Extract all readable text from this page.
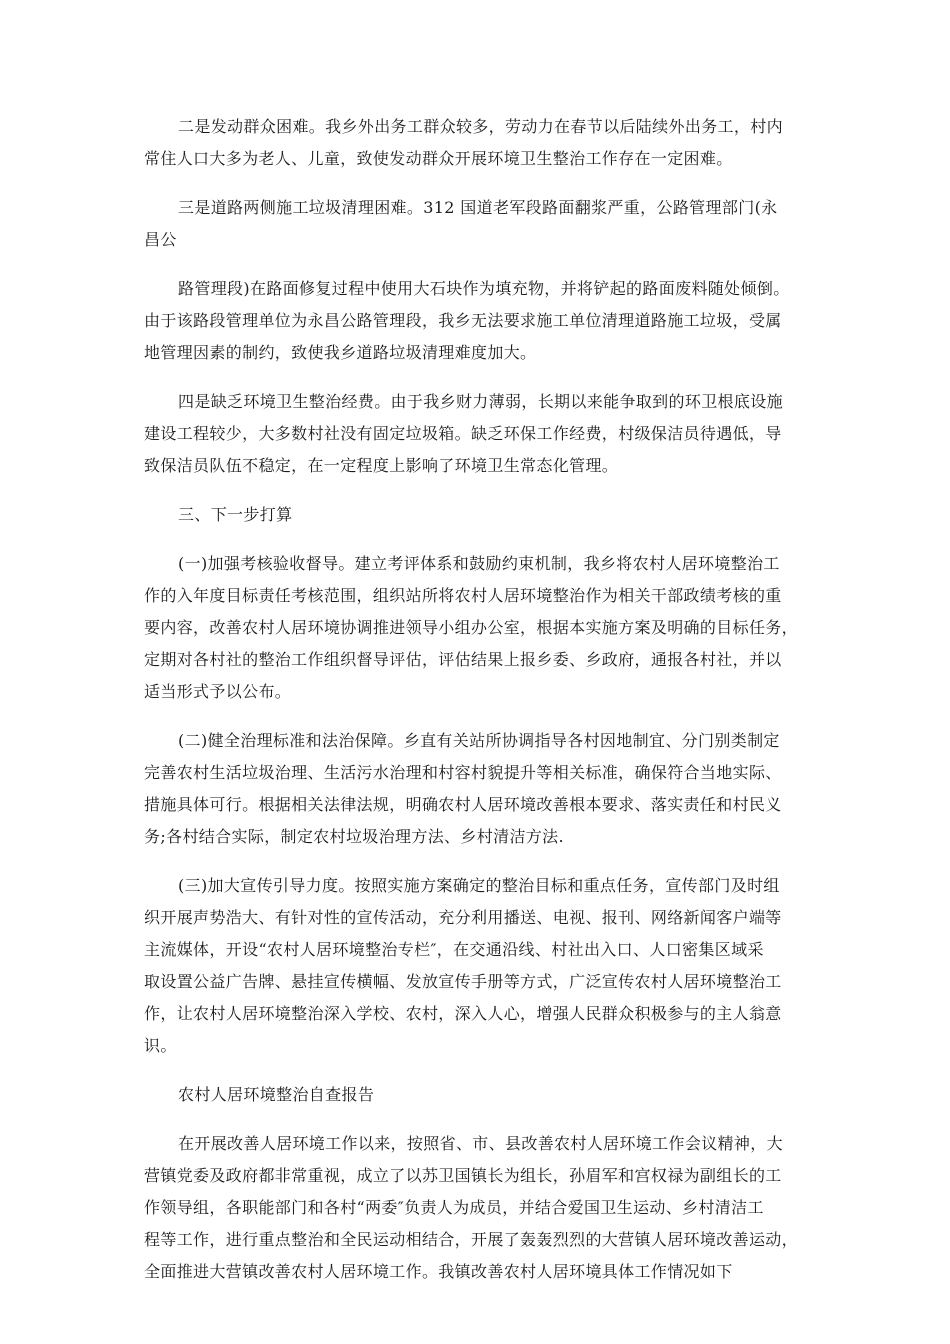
二是发动群众困难。我乡外出务工群众较多，劳动力在春节以后陆续外出务工，村内
常住人口大多为老人、儿童，致使发动群众开展环境卫生整治工作存在一定困难。

三是道路两侧施工垃圾清理困难。312 国道老军段路面翻浆严重，公路管理部门(永
昌公

路管理段)在路面修复过程中使用大石块作为填充物，并将铲起的路面废料随处倾倒。
由于该路段管理单位为永昌公路管理段，我乡无法要求施工单位清理道路施工垃圾，受属
地管理因素的制约，致使我乡道路垃圾清理难度加大。

四是缺乏环境卫生整治经费。由于我乡财力薄弱，长期以来能争取到的环卫根底设施
建设工程较少，大多数村社没有固定垃圾箱。缺乏环保工作经费，村级保洁员待遇低，导
致保洁员队伍不稳定，在一定程度上影响了环境卫生常态化管理。

三、下一步打算

(一)加强考核验收督导。建立考评体系和鼓励约束机制，我乡将农村人居环境整治工
作的入年度目标责任考核范围，组织站所将农村人居环境整治作为相关干部政绩考核的重
要内容，改善农村人居环境协调推进领导小组办公室，根据本实施方案及明确的目标任务，
定期对各村社的整治工作组织督导评估，评估结果上报乡委、乡政府，通报各村社，并以
适当形式予以公布。

(二)健全治理标准和法治保障。乡直有关站所协调指导各村因地制宜、分门别类制定
完善农村生活垃圾治理、生活污水治理和村容村貌提升等相关标准，确保符合当地实际、
措施具体可行。根据相关法律法规，明确农村人居环境改善根本要求、落实责任和村民义
务;各村结合实际，制定农村垃圾治理方法、乡村清洁方法.

(三)加大宣传引导力度。按照实施方案确定的整治目标和重点任务，宣传部门及时组
织开展声势浩大、有针对性的宣传活动，充分利用播送、电视、报刊、网络新闻客户端等
主流媒体，开设“农村人居环境整治专栏″，在交通沿线、村社出入口、人口密集区域采
取设置公益广告牌、悬挂宣传横幅、发放宣传手册等方式，广泛宣传农村人居环境整治工
作，让农村人居环境整治深入学校、农村，深入人心，增强人民群众积极参与的主人翁意
识。

农村人居环境整治自查报告

在开展改善人居环境工作以来，按照省、市、县改善农村人居环境工作会议精神，大
营镇党委及政府都非常重视，成立了以苏卫国镇长为组长，孙眉军和宫权禄为副组长的工
作领导组，各职能部门和各村“两委″负责人为成员，并结合爱国卫生运动、乡村清洁工
程等工作，进行重点整治和全民运动相结合，开展了轰轰烈烈的大营镇人居环境改善运动，
全面推进大营镇改善农村人居环境工作。我镇改善农村人居环境具体工作情况如下
